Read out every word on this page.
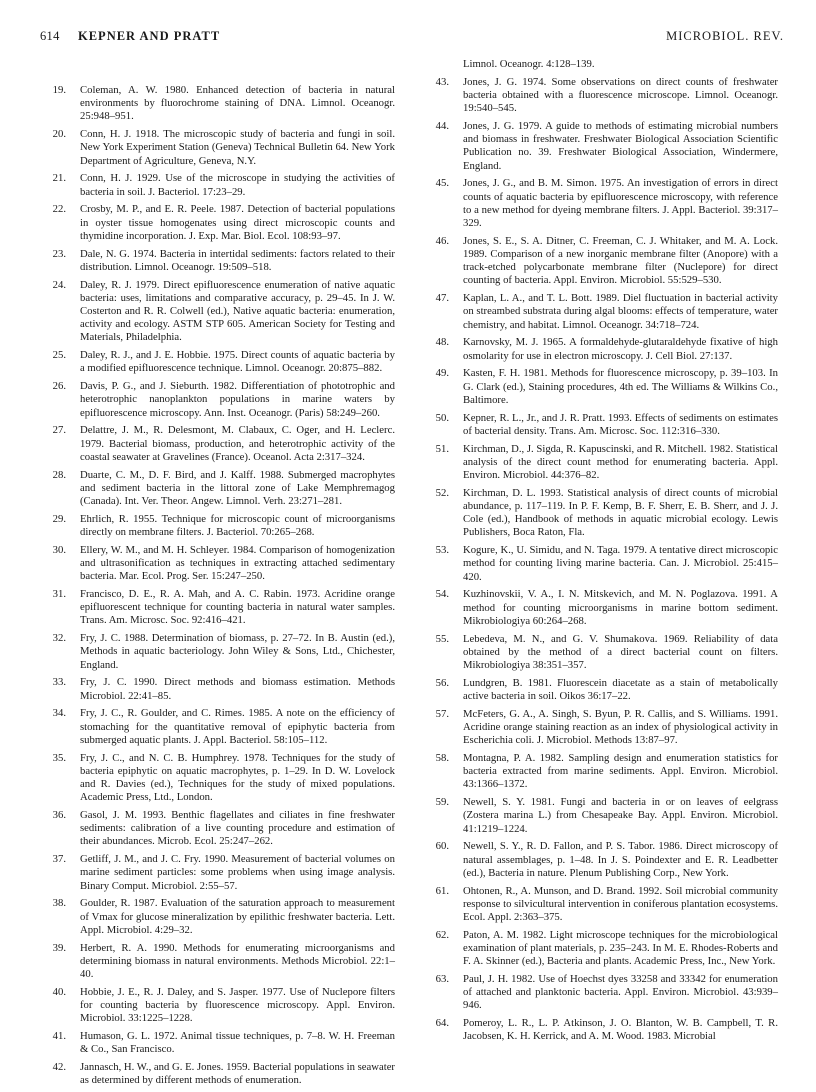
614 KEPNER AND PRATT	MICROBIOL. REV.
19. Coleman, A. W. 1980. Enhanced detection of bacteria in natural environments by fluorochrome staining of DNA. Limnol. Oceanogr. 25:948–951.
20. Conn, H. J. 1918. The microscopic study of bacteria and fungi in soil. New York Experiment Station (Geneva) Technical Bulletin 64. New York Department of Agriculture, Geneva, N.Y.
21. Conn, H. J. 1929. Use of the microscope in studying the activities of bacteria in soil. J. Bacteriol. 17:23–29.
22. Crosby, M. P., and E. R. Peele. 1987. Detection of bacterial populations in oyster tissue homogenates using direct microscopic counts and thymidine incorporation. J. Exp. Mar. Biol. Ecol. 108:93–97.
23. Dale, N. G. 1974. Bacteria in intertidal sediments: factors related to their distribution. Limnol. Oceanogr. 19:509–518.
24. Daley, R. J. 1979. Direct epifluorescence enumeration of native aquatic bacteria: uses, limitations and comparative accuracy, p. 29–45. In J. W. Costerton and R. R. Colwell (ed.), Native aquatic bacteria: enumeration, activity and ecology. ASTM STP 605. American Society for Testing and Materials, Philadelphia.
25. Daley, R. J., and J. E. Hobbie. 1975. Direct counts of aquatic bacteria by a modified epifluorescence technique. Limnol. Oceanogr. 20:875–882.
26. Davis, P. G., and J. Sieburth. 1982. Differentiation of phototrophic and heterotrophic nanoplankton populations in marine waters by epifluorescence microscopy. Ann. Inst. Oceanogr. (Paris) 58:249–260.
27. Delattre, J. M., R. Delesmont, M. Clabaux, C. Oger, and H. Leclerc. 1979. Bacterial biomass, production, and heterotrophic activity of the coastal seawater at Gravelines (France). Oceanol. Acta 2:317–324.
28. Duarte, C. M., D. F. Bird, and J. Kalff. 1988. Submerged macrophytes and sediment bacteria in the littoral zone of Lake Memphremagog (Canada). Int. Ver. Theor. Angew. Limnol. Verh. 23:271–281.
29. Ehrlich, R. 1955. Technique for microscopic count of microorganisms directly on membrane filters. J. Bacteriol. 70:265–268.
30. Ellery, W. M., and M. H. Schleyer. 1984. Comparison of homogenization and ultrasonification as techniques in extracting attached sedimentary bacteria. Mar. Ecol. Prog. Ser. 15:247–250.
31. Francisco, D. E., R. A. Mah, and A. C. Rabin. 1973. Acridine orange epifluorescent technique for counting bacteria in natural water samples. Trans. Am. Microsc. Soc. 92:416–421.
32. Fry, J. C. 1988. Determination of biomass, p. 27–72. In B. Austin (ed.), Methods in aquatic bacteriology. John Wiley & Sons, Ltd., Chichester, England.
33. Fry, J. C. 1990. Direct methods and biomass estimation. Methods Microbiol. 22:41–85.
34. Fry, J. C., R. Goulder, and C. Rimes. 1985. A note on the efficiency of stomaching for the quantitative removal of epiphytic bacteria from submerged aquatic plants. J. Appl. Bacteriol. 58:105–112.
35. Fry, J. C., and N. C. B. Humphrey. 1978. Techniques for the study of bacteria epiphytic on aquatic macrophytes, p. 1–29. In D. W. Lovelock and R. Davies (ed.), Techniques for the study of mixed populations. Academic Press, Ltd., London.
36. Gasol, J. M. 1993. Benthic flagellates and ciliates in fine freshwater sediments: calibration of a live counting procedure and estimation of their abundances. Microb. Ecol. 25:247–262.
37. Getliff, J. M., and J. C. Fry. 1990. Measurement of bacterial volumes on marine sediment particles: some problems when using image analysis. Binary Comput. Microbiol. 2:55–57.
38. Goulder, R. 1987. Evaluation of the saturation approach to measurement of Vmax for glucose mineralization by epilithic freshwater bacteria. Lett. Appl. Microbiol. 4:29–32.
39. Herbert, R. A. 1990. Methods for enumerating microorganisms and determining biomass in natural environments. Methods Microbiol. 22:1–40.
40. Hobbie, J. E., R. J. Daley, and S. Jasper. 1977. Use of Nuclepore filters for counting bacteria by fluorescence microscopy. Appl. Environ. Microbiol. 33:1225–1228.
41. Humason, G. L. 1972. Animal tissue techniques, p. 7–8. W. H. Freeman & Co., San Francisco.
42. Jannasch, H. W., and G. E. Jones. 1959. Bacterial populations in seawater as determined by different methods of enumeration.
Limnol. Oceanogr. 4:128–139.
43. Jones, J. G. 1974. Some observations on direct counts of freshwater bacteria obtained with a fluorescence microscope. Limnol. Oceanogr. 19:540–545.
44. Jones, J. G. 1979. A guide to methods of estimating microbial numbers and biomass in freshwater. Freshwater Biological Association Scientific Publication no. 39. Freshwater Biological Association, Windermere, England.
45. Jones, J. G., and B. M. Simon. 1975. An investigation of errors in direct counts of aquatic bacteria by epifluorescence microscopy, with reference to a new method for dyeing membrane filters. J. Appl. Bacteriol. 39:317–329.
46. Jones, S. E., S. A. Ditner, C. Freeman, C. J. Whitaker, and M. A. Lock. 1989. Comparison of a new inorganic membrane filter (Anopore) with a track-etched polycarbonate membrane filter (Nuclepore) for direct counting of bacteria. Appl. Environ. Microbiol. 55:529–530.
47. Kaplan, L. A., and T. L. Bott. 1989. Diel fluctuation in bacterial activity on streambed substrata during algal blooms: effects of temperature, water chemistry, and habitat. Limnol. Oceanogr. 34:718–724.
48. Karnovsky, M. J. 1965. A formaldehyde-glutaraldehyde fixative of high osmolarity for use in electron microscopy. J. Cell Biol. 27:137.
49. Kasten, F. H. 1981. Methods for fluorescence microscopy, p. 39–103. In G. Clark (ed.), Staining procedures, 4th ed. The Williams & Wilkins Co., Baltimore.
50. Kepner, R. L., Jr., and J. R. Pratt. 1993. Effects of sediments on estimates of bacterial density. Trans. Am. Microsc. Soc. 112:316–330.
51. Kirchman, D., J. Sigda, R. Kapuscinski, and R. Mitchell. 1982. Statistical analysis of the direct count method for enumerating bacteria. Appl. Environ. Microbiol. 44:376–82.
52. Kirchman, D. L. 1993. Statistical analysis of direct counts of microbial abundance, p. 117–119. In P. F. Kemp, B. F. Sherr, E. B. Sherr, and J. J. Cole (ed.), Handbook of methods in aquatic microbial ecology. Lewis Publishers, Boca Raton, Fla.
53. Kogure, K., U. Simidu, and N. Taga. 1979. A tentative direct microscopic method for counting living marine bacteria. Can. J. Microbiol. 25:415–420.
54. Kuzhinovskii, V. A., I. N. Mitskevich, and M. N. Poglazova. 1991. A method for counting microorganisms in marine bottom sediment. Mikrobiologiya 60:264–268.
55. Lebedeva, M. N., and G. V. Shumakova. 1969. Reliability of data obtained by the method of a direct bacterial count on filters. Mikrobiologiya 38:351–357.
56. Lundgren, B. 1981. Fluorescein diacetate as a stain of metabolically active bacteria in soil. Oikos 36:17–22.
57. McFeters, G. A., A. Singh, S. Byun, P. R. Callis, and S. Williams. 1991. Acridine orange staining reaction as an index of physiological activity in Escherichia coli. J. Microbiol. Methods 13:87–97.
58. Montagna, P. A. 1982. Sampling design and enumeration statistics for bacteria extracted from marine sediments. Appl. Environ. Microbiol. 43:1366–1372.
59. Newell, S. Y. 1981. Fungi and bacteria in or on leaves of eelgrass (Zostera marina L.) from Chesapeake Bay. Appl. Environ. Microbiol. 41:1219–1224.
60. Newell, S. Y., R. D. Fallon, and P. S. Tabor. 1986. Direct microscopy of natural assemblages, p. 1–48. In J. S. Poindexter and E. R. Leadbetter (ed.), Bacteria in nature. Plenum Publishing Corp., New York.
61. Ohtonen, R., A. Munson, and D. Brand. 1992. Soil microbial community response to silvicultural intervention in coniferous plantation ecosystems. Ecol. Appl. 2:363–375.
62. Paton, A. M. 1982. Light microscope techniques for the microbiological examination of plant materials, p. 235–243. In M. E. Rhodes-Roberts and F. A. Skinner (ed.), Bacteria and plants. Academic Press, Inc., New York.
63. Paul, J. H. 1982. Use of Hoechst dyes 33258 and 33342 for enumeration of attached and planktonic bacteria. Appl. Environ. Microbiol. 43:939–946.
64. Pomeroy, L. R., L. P. Atkinson, J. O. Blanton, W. B. Campbell, T. R. Jacobsen, K. H. Kerrick, and A. M. Wood. 1983. Microbial
